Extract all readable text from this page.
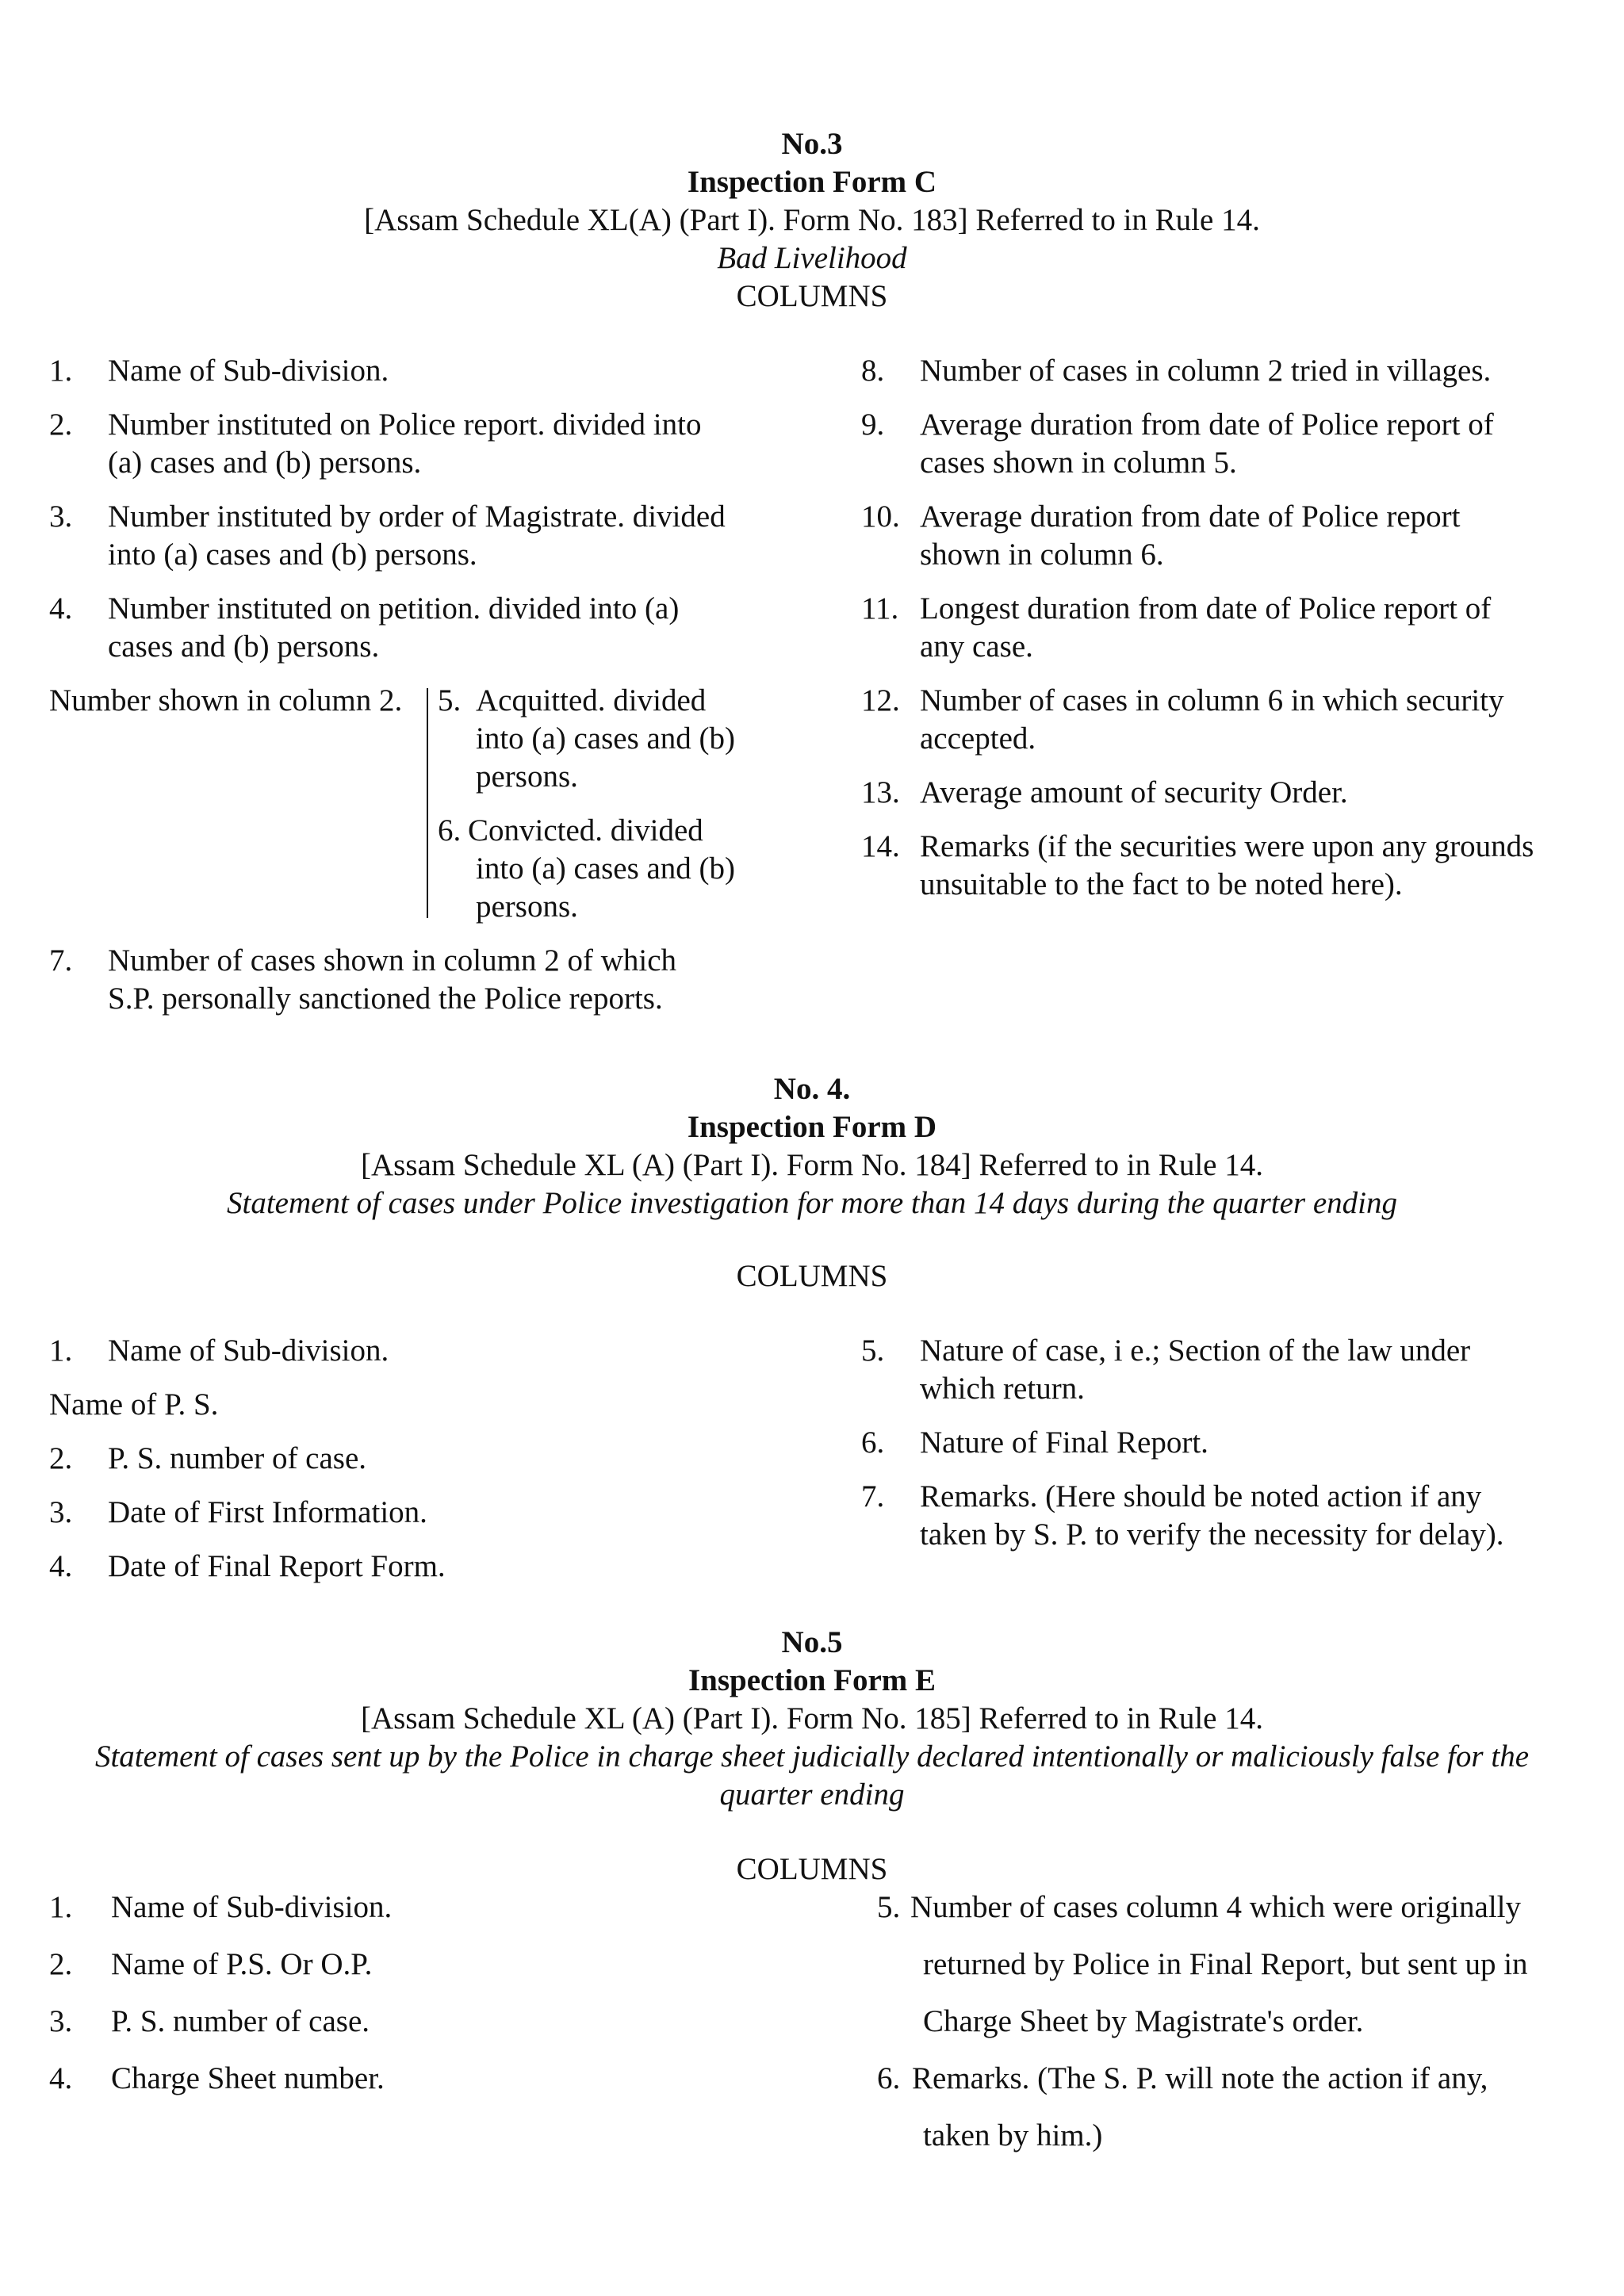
No.3
Inspection Form C
[Assam Schedule XL(A) (Part I). Form No. 183] Referred to in Rule 14.
Bad Livelihood
COLUMNS
1. Name of Sub-division.
2. Number instituted on Police report. divided into
(a) cases and (b) persons.
3. Number instituted by order of Magistrate. divided
into (a) cases and (b) persons.
4. Number instituted on petition. divided into (a)
cases and (b) persons.
Number shown in column 2. 5. Acquitted. divided
into (a) cases and (b)
persons.
6. Convicted. divided
into (a) cases and (b)
persons.
7. Number of cases shown in column 2 of which
S.P. personally sanctioned the Police reports.
8. Number of cases in column 2 tried in villages.
9. Average duration from date of Police report of
cases shown in column 5.
10. Average duration from date of Police report
shown in column 6.
11. Longest duration from date of Police report of
any case.
12. Number of cases in column 6 in which security
accepted.
13. Average amount of security Order.
14. Remarks (if the securities were upon any grounds
unsuitable to the fact to be noted here).
No. 4.
Inspection Form D
[Assam Schedule XL (A) (Part I). Form No. 184] Referred to in Rule 14.
Statement of cases under Police investigation for more than 14 days during the quarter ending
COLUMNS
1. Name of Sub-division.
Name of P. S.
2. P. S. number of case.
3. Date of First Information.
4. Date of Final Report Form.
5. Nature of case, i e.; Section of the law under
which return.
6. Nature of Final Report.
7. Remarks. (Here should be noted action if any
taken by S. P. to verify the necessity for delay).
No.5
Inspection Form E
[Assam Schedule XL (A) (Part I). Form No. 185] Referred to in Rule 14.
Statement of cases sent up by the Police in charge sheet judicially declared intentionally or maliciously false for the
quarter ending
COLUMNS
1. Name of Sub-division.
2. Name of P.S. Or O.P.
3. P. S. number of case.
4. Charge Sheet number.
5. Number of cases column 4 which were originally
returned by Police in Final Report, but sent up in
Charge Sheet by Magistrate's order.
6. Remarks. (The S. P. will note the action if any,
taken by him.)
